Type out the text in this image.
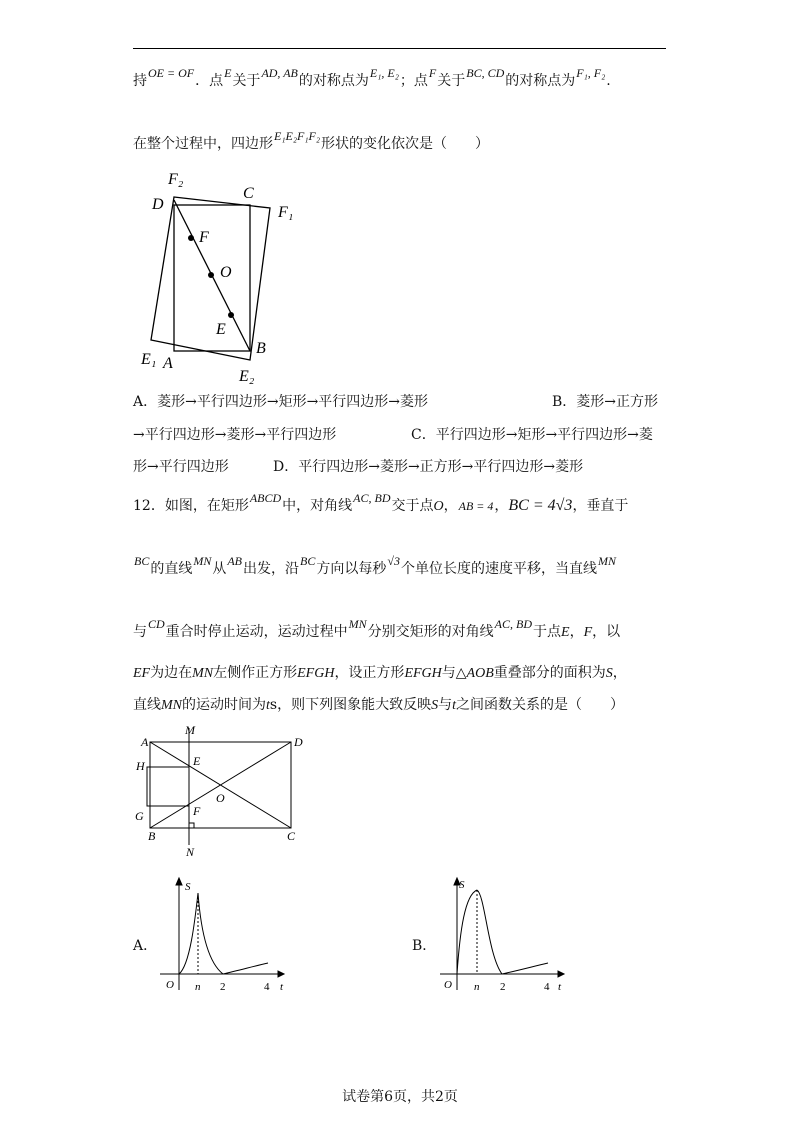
持OE = OF．点E关于AD, AB的对称点为E₁, E₂；点F关于BC, CD的对称点为F₁, F₂.
在整个过程中，四边形E₁E₂F₁F₂形状的变化依次是（　　）
F₂
C
D	F₁
F
O
E
B
E₁ A
E₂
A．菱形→平行四边形→矩形→平行四边形→菱形	B．菱形→正方形
→平行四边形→菱形→平行四边形	C．平行四边形→矩形→平行四边形→菱
形→平行四边形	D．平行四边形→菱形→正方形→平行四边形→菱形
12．如图，在矩形ABCD中，对角线AC, BD交于点O，AB = 4，BC = 4√3，垂直于
BC的直线MN从AB出发，沿BC方向以每秒√3个单位长度的速度平移，当直线MN
与CD重合时停止运动，运动过程中MN分别交矩形的对角线AC, BD于点E，F，以
EF为边在MN左侧作正方形EFGH，设正方形EFGH与△AOB重叠部分的面积为S，
直线MN的运动时间为ts，则下列图象能大致反映S与t之间函数关系的是（　　）
M
A
E
D
H
O
G	F
B	C
N
A．	B．
S
O n 2	4 t
S
O n 2	4 t
试卷第6页，共2页
